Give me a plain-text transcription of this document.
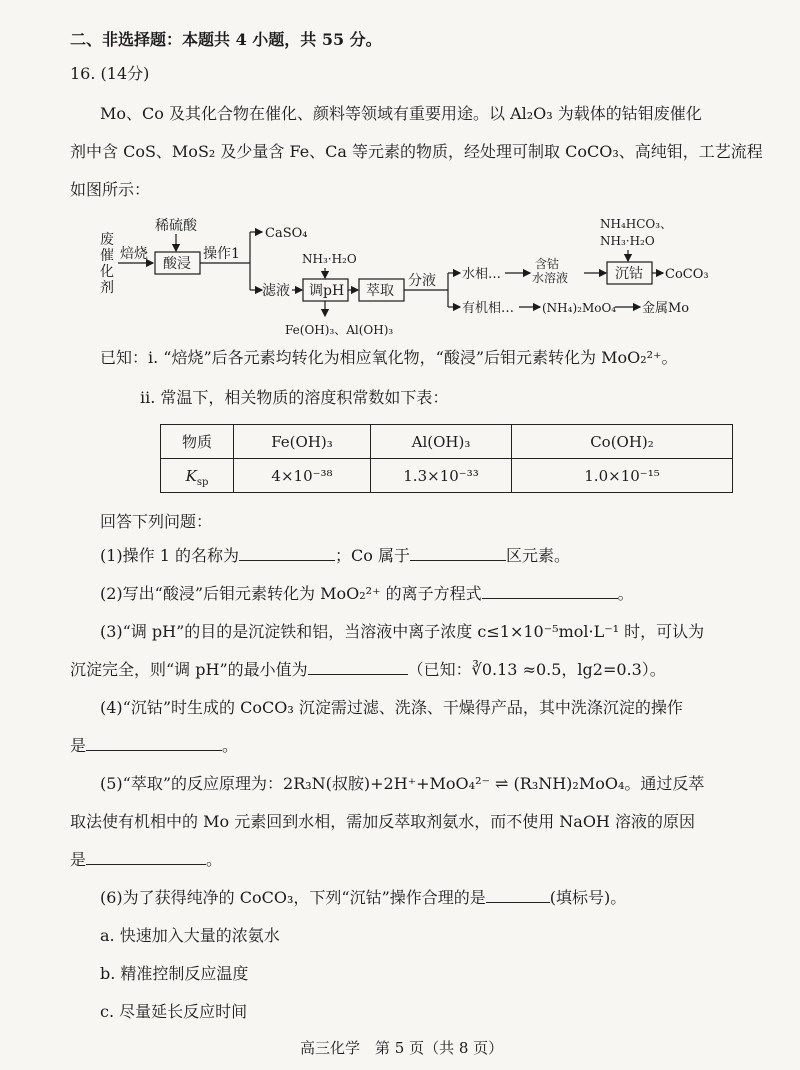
二、非选择题：本题共 4 小题，共 55 分。
16. (14分)
Mo、Co 及其化合物在催化、颜料等领域有重要用途。以 Al₂O₃ 为载体的钴钼废催化
剂中含 CoS、MoS₂ 及少量含 Fe、Ca 等元素的物质，经处理可制取 CoCO₃、高纯钼，工艺流程
如图所示：
废
催
化
剂
焙烧
稀硫酸
酸浸
操作1
CaSO₄
滤液
NH₃·H₂O
调pH
Fe(OH)₃、Al(OH)₃
萃取
分液 水相…
含钴
水溶液
NH₄HCO₃、
NH₃·H₂O
沉钴 CoCO₃
有机相… (NH₄)₂MoO₄ 金属Mo
已知：i. “焙烧”后各元素均转化为相应氧化物，“酸浸”后钼元素转化为 MoO₂²⁺。
ii. 常温下，相关物质的溶度积常数如下表：
物质	Fe(OH)₃	Al(OH)₃	Co(OH)₂
$K_{sp}$	4×10⁻³⁸	1.3×10⁻³³	1.0×10⁻¹⁵
回答下列问题：
(1)操作 1 的名称为	；Co 属于	区元素。
(2)写出“酸浸”后钼元素转化为 MoO₂²⁺ 的离子方程式	。
(3)“调 pH”的目的是沉淀铁和铝，当溶液中离子浓度 c≤1×10⁻⁵mol·L⁻¹ 时，可认为
沉淀完全，则“调 pH”的最小值为	（已知：∛0.13 ≈0.5，lg2=0.3）。
(4)“沉钴”时生成的 CoCO₃ 沉淀需过滤、洗涤、干燥得产品，其中洗涤沉淀的操作
是	。
(5)“萃取”的反应原理为：2R₃N(叔胺)+2H⁺+MoO₄²⁻ ⇌ (R₃NH)₂MoO₄。通过反萃
取法使有机相中的 Mo 元素回到水相，需加反萃取剂氨水，而不使用 NaOH 溶液的原因
是	。
(6)为了获得纯净的 CoCO₃，下列“沉钴”操作合理的是	(填标号)。
a. 快速加入大量的浓氨水
b. 精准控制反应温度
c. 尽量延长反应时间
高三化学　第 5 页（共 8 页）
